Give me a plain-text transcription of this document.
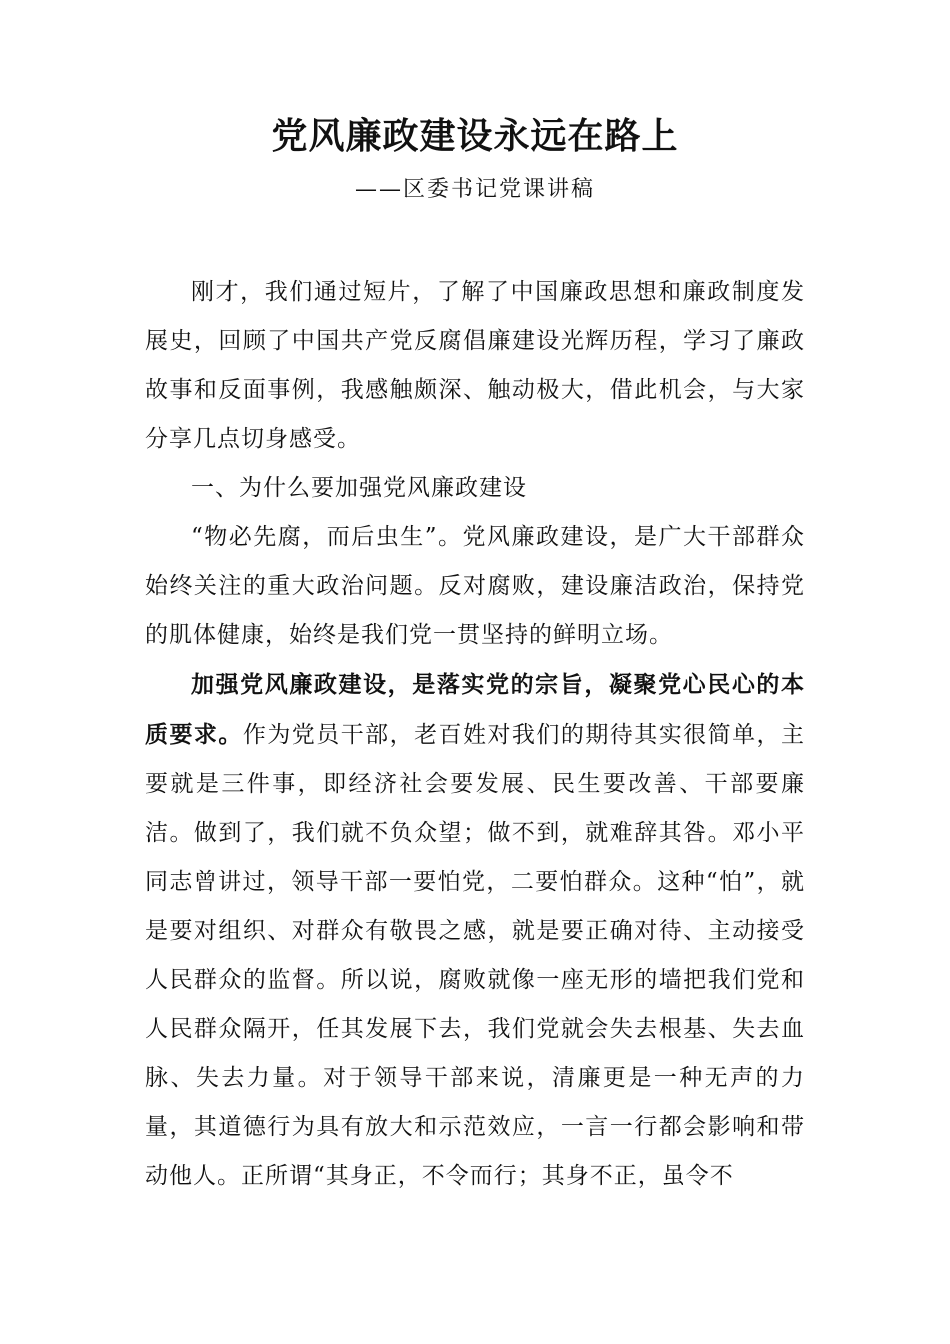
党风廉政建设永远在路上
——区委书记党课讲稿

刚才，我们通过短片，了解了中国廉政思想和廉政制度发展史，回顾了中国共产党反腐倡廉建设光辉历程，学习了廉政故事和反面事例，我感触颇深、触动极大，借此机会，与大家分享几点切身感受。

一、为什么要加强党风廉政建设

“物必先腐，而后虫生”。党风廉政建设，是广大干部群众始终关注的重大政治问题。反对腐败，建设廉洁政治，保持党的肌体健康，始终是我们党一贯坚持的鲜明立场。

加强党风廉政建设，是落实党的宗旨，凝聚党心民心的本质要求。作为党员干部，老百姓对我们的期待其实很简单，主要就是三件事，即经济社会要发展、民生要改善、干部要廉洁。做到了，我们就不负众望；做不到，就难辞其咎。邓小平同志曾讲过，领导干部一要怕党，二要怕群众。这种“怕”，就是要对组织、对群众有敬畏之感，就是要正确对待、主动接受人民群众的监督。所以说，腐败就像一座无形的墙把我们党和人民群众隔开，任其发展下去，我们党就会失去根基、失去血脉、失去力量。对于领导干部来说，清廉更是一种无声的力量，其道德行为具有放大和示范效应，一言一行都会影响和带动他人。正所谓“其身正，不令而行；其身不正，虽令不
